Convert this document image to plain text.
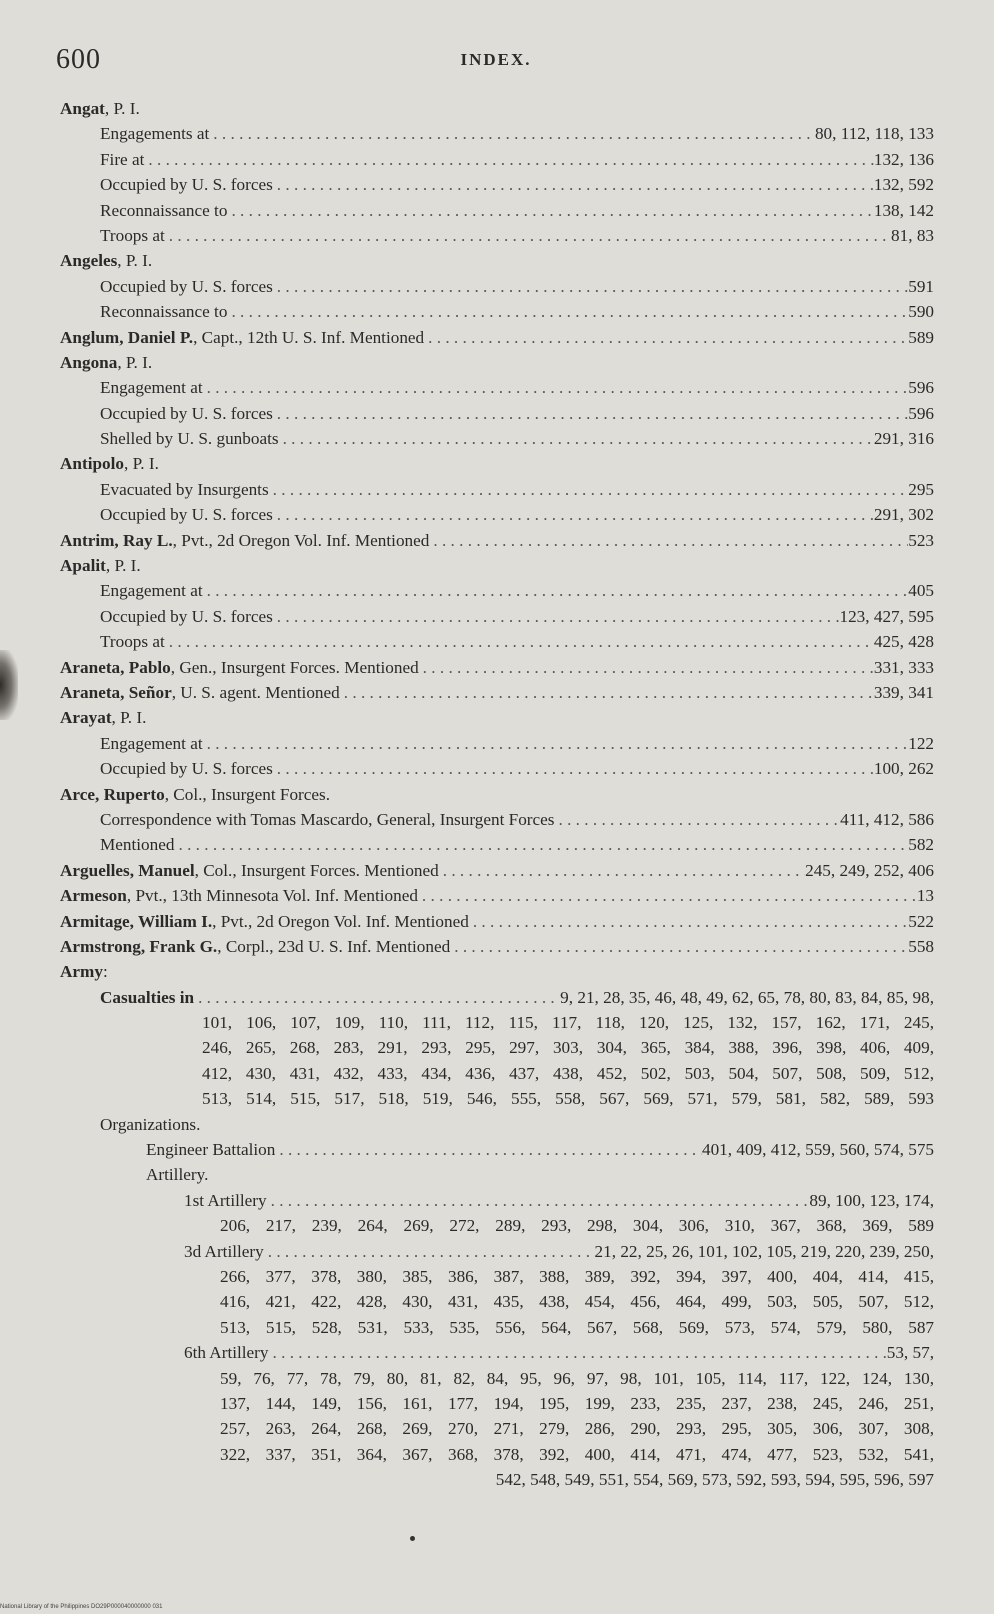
600	INDEX.
Angat, P. I.
Engagements at . . .	80, 112, 118, 133
Fire at . . .	132, 136
Occupied by U. S. forces . . .	132, 592
Reconnaissance to . . .	138, 142
Troops at . . .	81, 83
Angeles, P. I.
Occupied by U. S. forces . . .	591
Reconnaissance to . . .	590
Anglum, Daniel P., Capt., 12th U. S. Inf. Mentioned . . .	589
Angona, P. I.
Engagement at . . .	596
Occupied by U. S. forces . . .	596
Shelled by U. S. gunboats . . .	291, 316
Antipolo, P. I.
Evacuated by Insurgents . . .	295
Occupied by U. S. forces . . .	291, 302
Antrim, Ray L., Pvt., 2d Oregon Vol. Inf. Mentioned . . .	523
Apalit, P. I.
Engagement at . . .	405
Occupied by U. S. forces . . .	123, 427, 595
Troops at . . .	425, 428
Araneta, Pablo, Gen., Insurgent Forces. Mentioned . . .	331, 333
Araneta, Señor, U. S. agent. Mentioned . . .	339, 341
Arayat, P. I.
Engagement at . . .	122
Occupied by U. S. forces . . .	100, 262
Arce, Ruperto, Col., Insurgent Forces.
Correspondence with Tomas Mascardo, General, Insurgent Forces . . .	411, 412, 586
Mentioned . . .	582
Arguelles, Manuel, Col., Insurgent Forces. Mentioned . . .	245, 249, 252, 406
Armeson, Pvt., 13th Minnesota Vol. Inf. Mentioned . . .	13
Armitage, William I., Pvt., 2d Oregon Vol. Inf. Mentioned . . .	522
Armstrong, Frank G., Corpl., 23d U. S. Inf. Mentioned . . .	558
Army:
Casualties in . . .	9, 21, 28, 35, 46, 48, 49, 62, 65, 78, 80, 83, 84, 85, 98,
101, 106, 107, 109, 110, 111, 112, 115, 117, 118, 120, 125, 132, 157, 162, 171, 245,
246, 265, 268, 283, 291, 293, 295, 297, 303, 304, 365, 384, 388, 396, 398, 406, 409,
412, 430, 431, 432, 433, 434, 436, 437, 438, 452, 502, 503, 504, 507, 508, 509, 512,
513, 514, 515, 517, 518, 519, 546, 555, 558, 567, 569, 571, 579, 581, 582, 589, 593
Organizations.
Engineer Battalion . . .	401, 409, 412, 559, 560, 574, 575
Artillery.
1st Artillery . . .	89, 100, 123, 174,
206, 217, 239, 264, 269, 272, 289, 293, 298, 304, 306, 310, 367, 368, 369, 589
3d Artillery . . .	21, 22, 25, 26, 101, 102, 105, 219, 220, 239, 250,
266, 377, 378, 380, 385, 386, 387, 388, 389, 392, 394, 397, 400, 404, 414, 415,
416, 421, 422, 428, 430, 431, 435, 438, 454, 456, 464, 499, 503, 505, 507, 512,
513, 515, 528, 531, 533, 535, 556, 564, 567, 568, 569, 573, 574, 579, 580, 587
6th Artillery . . .	53, 57,
59, 76, 77, 78, 79, 80, 81, 82, 84, 95, 96, 97, 98, 101, 105, 114, 117, 122, 124, 130,
137, 144, 149, 156, 161, 177, 194, 195, 199, 233, 235, 237, 238, 245, 246, 251,
257, 263, 264, 268, 269, 270, 271, 279, 286, 290, 293, 295, 305, 306, 307, 308,
322, 337, 351, 364, 367, 368, 378, 392, 400, 414, 471, 474, 477, 523, 532, 541,
542, 548, 549, 551, 554, 569, 573, 592, 593, 594, 595, 596, 597
National Library of the Philippines DO29P000040000000 031
